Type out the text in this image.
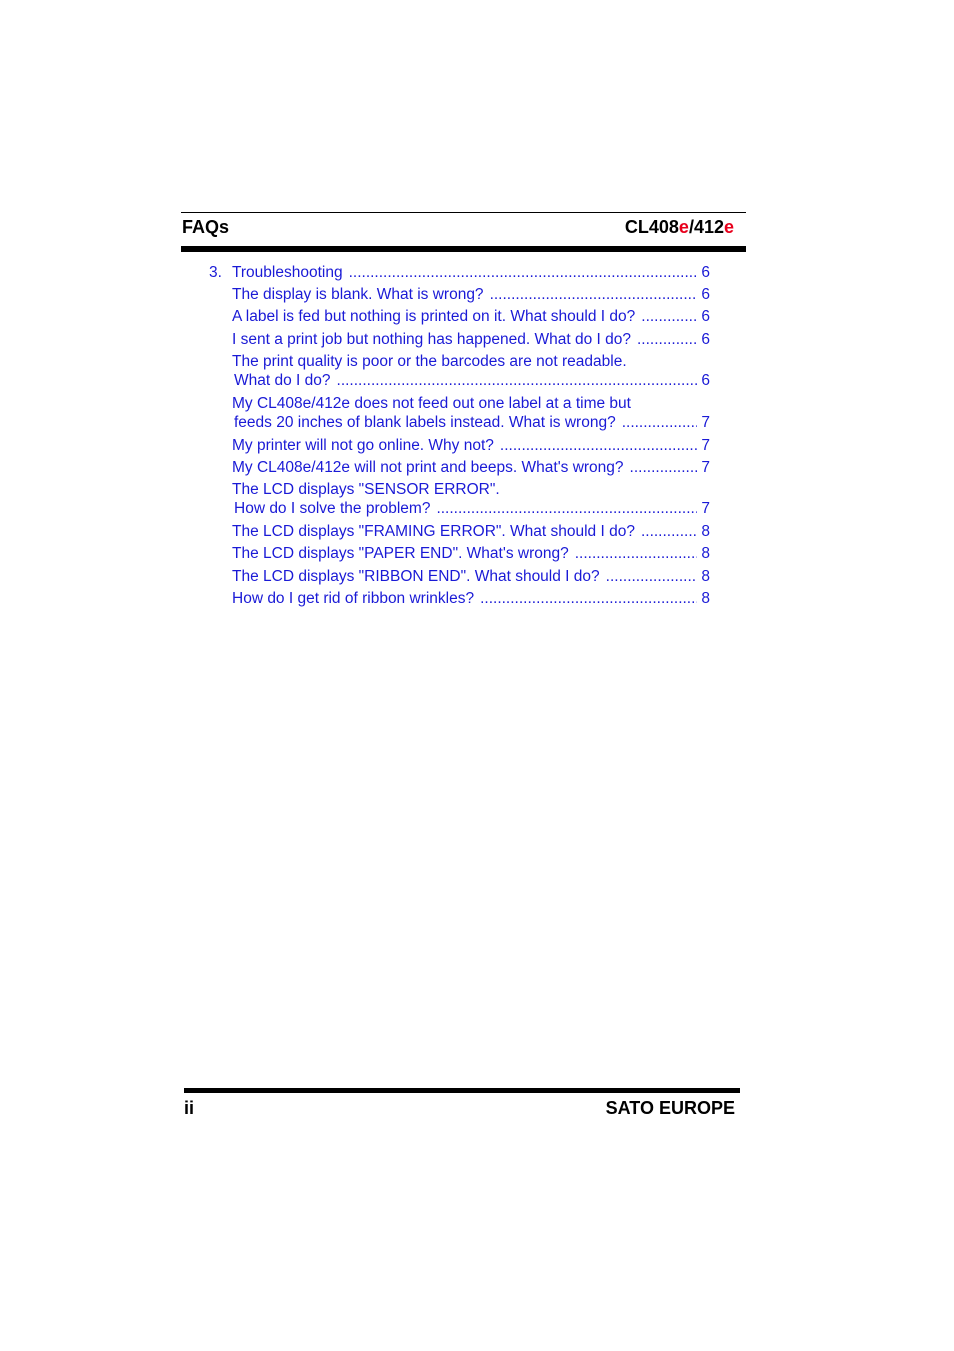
FAQs	CL408e/412e
3. Troubleshooting .....	6
The display is blank. What is wrong? .....	6
A label is fed but nothing is printed on it. What should I do? .....	6
I sent a print job but nothing has happened. What do I do? .....	6
The print quality is poor or the barcodes are not readable.
What do I do? .....	6
My CL408e/412e does not feed out one label at a time but
feeds 20 inches of blank labels instead. What is wrong? .....	7
My printer will not go online. Why not? .....	7
My CL408e/412e will not print and beeps. What's wrong? .....	7
The LCD displays "SENSOR ERROR".
How do I solve the problem? .....	7
The LCD displays "FRAMING ERROR". What should I do? .....	8
The LCD displays "PAPER END". What's wrong? .....	8
The LCD displays "RIBBON END". What should I do? .....	8
How do I get rid of ribbon wrinkles? .....	8
ii	SATO EUROPE
